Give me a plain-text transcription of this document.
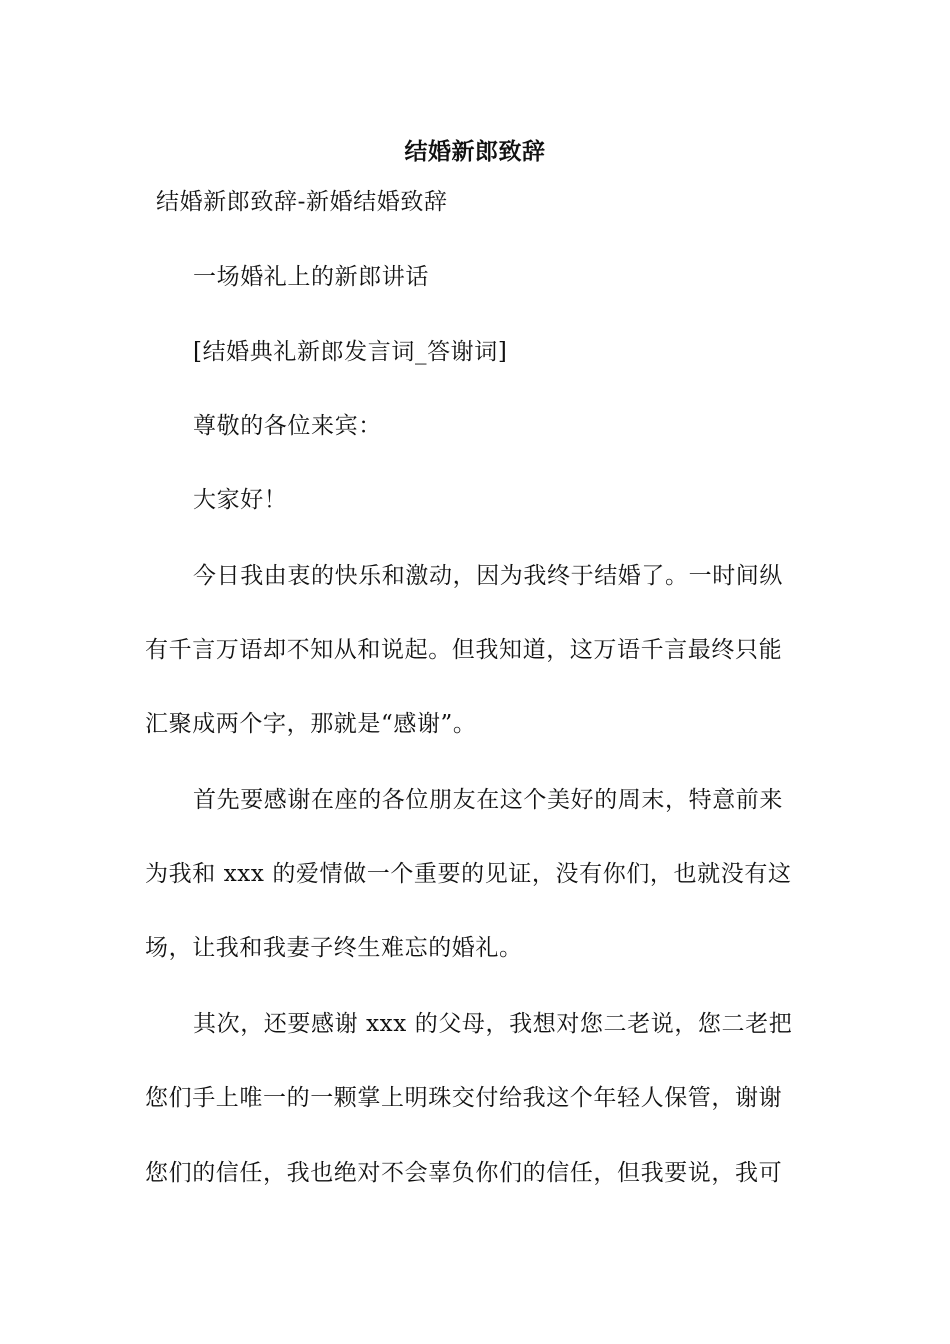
结婚新郎致辞
结婚新郎致辞-新婚结婚致辞
一场婚礼上的新郎讲话
[结婚典礼新郎发言词_答谢词]
尊敬的各位来宾：
大家好！
今日我由衷的快乐和激动，因为我终于结婚了。一时间纵
有千言万语却不知从和说起。但我知道，这万语千言最终只能
汇聚成两个字，那就是“感谢”。
首先要感谢在座的各位朋友在这个美好的周末，特意前来
为我和 xxx 的爱情做一个重要的见证，没有你们，也就没有这
场，让我和我妻子终生难忘的婚礼。
其次，还要感谢 xxx 的父母，我想对您二老说，您二老把
您们手上唯一的一颗掌上明珠交付给我这个年轻人保管，谢谢
您们的信任，我也绝对不会辜负你们的信任，但我要说，我可
